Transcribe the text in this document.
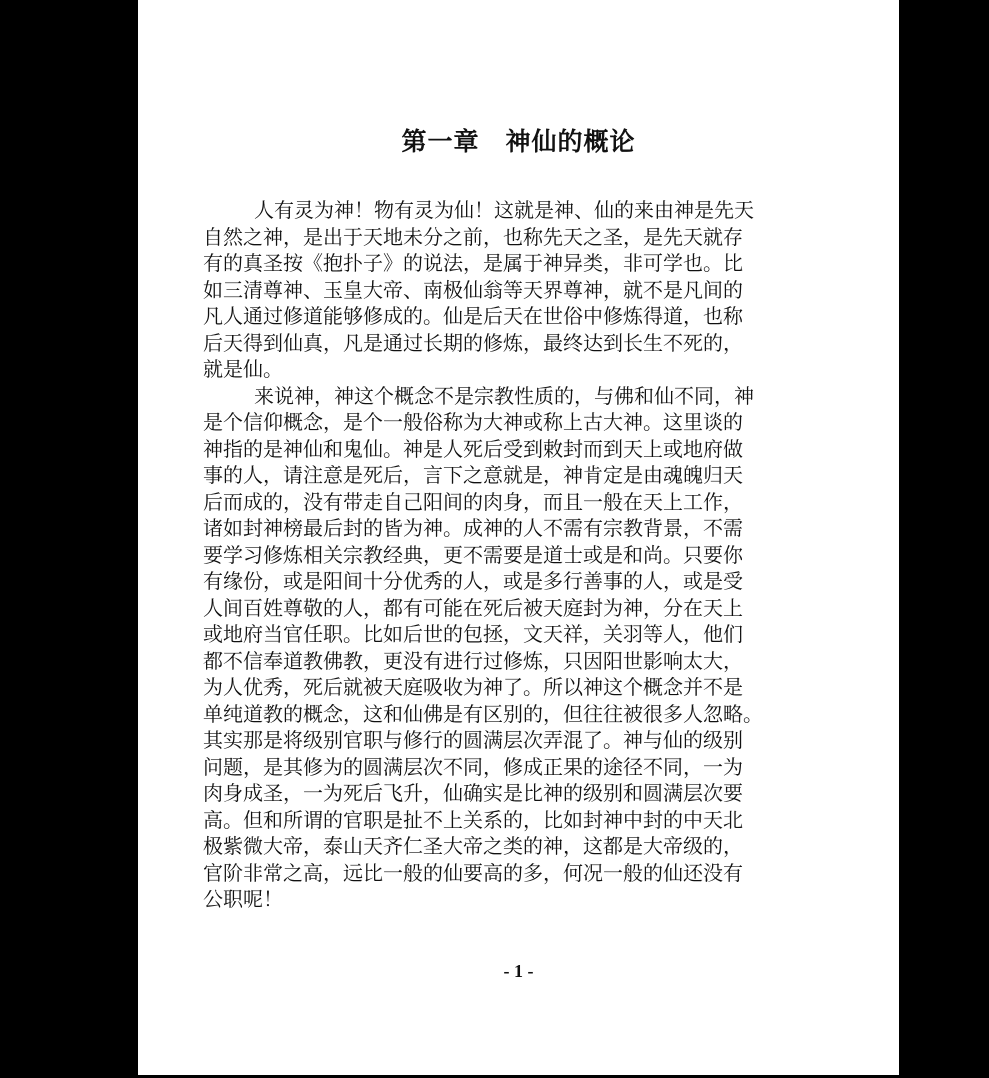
第一章　神仙的概论
人有灵为神！物有灵为仙！这就是神、仙的来由神是先天
自然之神，是出于天地未分之前，也称先天之圣，是先天就存
有的真圣按《抱扑子》的说法，是属于神异类，非可学也。比
如三清尊神、玉皇大帝、南极仙翁等天界尊神，就不是凡间的
凡人通过修道能够修成的。仙是后天在世俗中修炼得道，也称
后天得到仙真，凡是通过长期的修炼，最终达到长生不死的，
就是仙。
来说神，神这个概念不是宗教性质的，与佛和仙不同，神
是个信仰概念，是个一般俗称为大神或称上古大神。这里谈的
神指的是神仙和鬼仙。神是人死后受到敕封而到天上或地府做
事的人，请注意是死后，言下之意就是，神肯定是由魂魄归天
后而成的，没有带走自己阳间的肉身，而且一般在天上工作，
诸如封神榜最后封的皆为神。成神的人不需有宗教背景，不需
要学习修炼相关宗教经典，更不需要是道士或是和尚。只要你
有缘份，或是阳间十分优秀的人，或是多行善事的人，或是受
人间百姓尊敬的人，都有可能在死后被天庭封为神，分在天上
或地府当官任职。比如后世的包拯，文天祥，关羽等人，他们
都不信奉道教佛教，更没有进行过修炼，只因阳世影响太大，
为人优秀，死后就被天庭吸收为神了。所以神这个概念并不是
单纯道教的概念，这和仙佛是有区别的，但往往被很多人忽略。
其实那是将级别官职与修行的圆满层次弄混了。神与仙的级别
问题，是其修为的圆满层次不同，修成正果的途径不同，一为
肉身成圣，一为死后飞升，仙确实是比神的级别和圆满层次要
高。但和所谓的官职是扯不上关系的，比如封神中封的中天北
极紫微大帝，泰山天齐仁圣大帝之类的神，这都是大帝级的，
官阶非常之高，远比一般的仙要高的多，何况一般的仙还没有
公职呢！
- 1 -
